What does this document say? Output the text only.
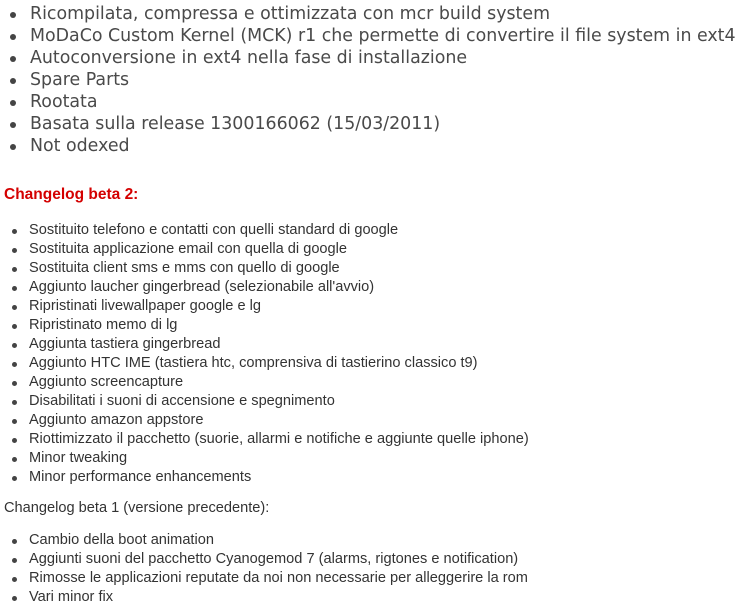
Ricompilata, compressa e ottimizzata con mcr build system
MoDaCo Custom Kernel (MCK) r1 che permette di convertire il file system in ext4
Autoconversione in ext4 nella fase di installazione
Spare Parts
Rootata
Basata sulla release 1300166062 (15/03/2011)
Not odexed
Changelog beta 2:
Sostituito telefono e contatti con quelli standard di google
Sostituita applicazione email con quella di google
Sostituita client sms e mms con quello di google
Aggiunto laucher gingerbread (selezionabile all'avvio)
Ripristinati livewallpaper google e lg
Ripristinato memo di lg
Aggiunta tastiera gingerbread
Aggiunto HTC IME (tastiera htc, comprensiva di tastierino classico t9)
Aggiunto screencapture
Disabilitati i suoni di accensione e spegnimento
Aggiunto amazon appstore
Riottimizzato il pacchetto (suorie, allarmi e notifiche e aggiunte quelle iphone)
Minor tweaking
Minor performance enhancements

Changelog beta 1 (versione precedente):

Cambio della boot animation
Aggiunti suoni del pacchetto Cyanogemod 7 (alarms, rigtones e notification)
Rimosse le applicazioni reputate da noi non necessarie per alleggerire la rom
Vari minor fix
